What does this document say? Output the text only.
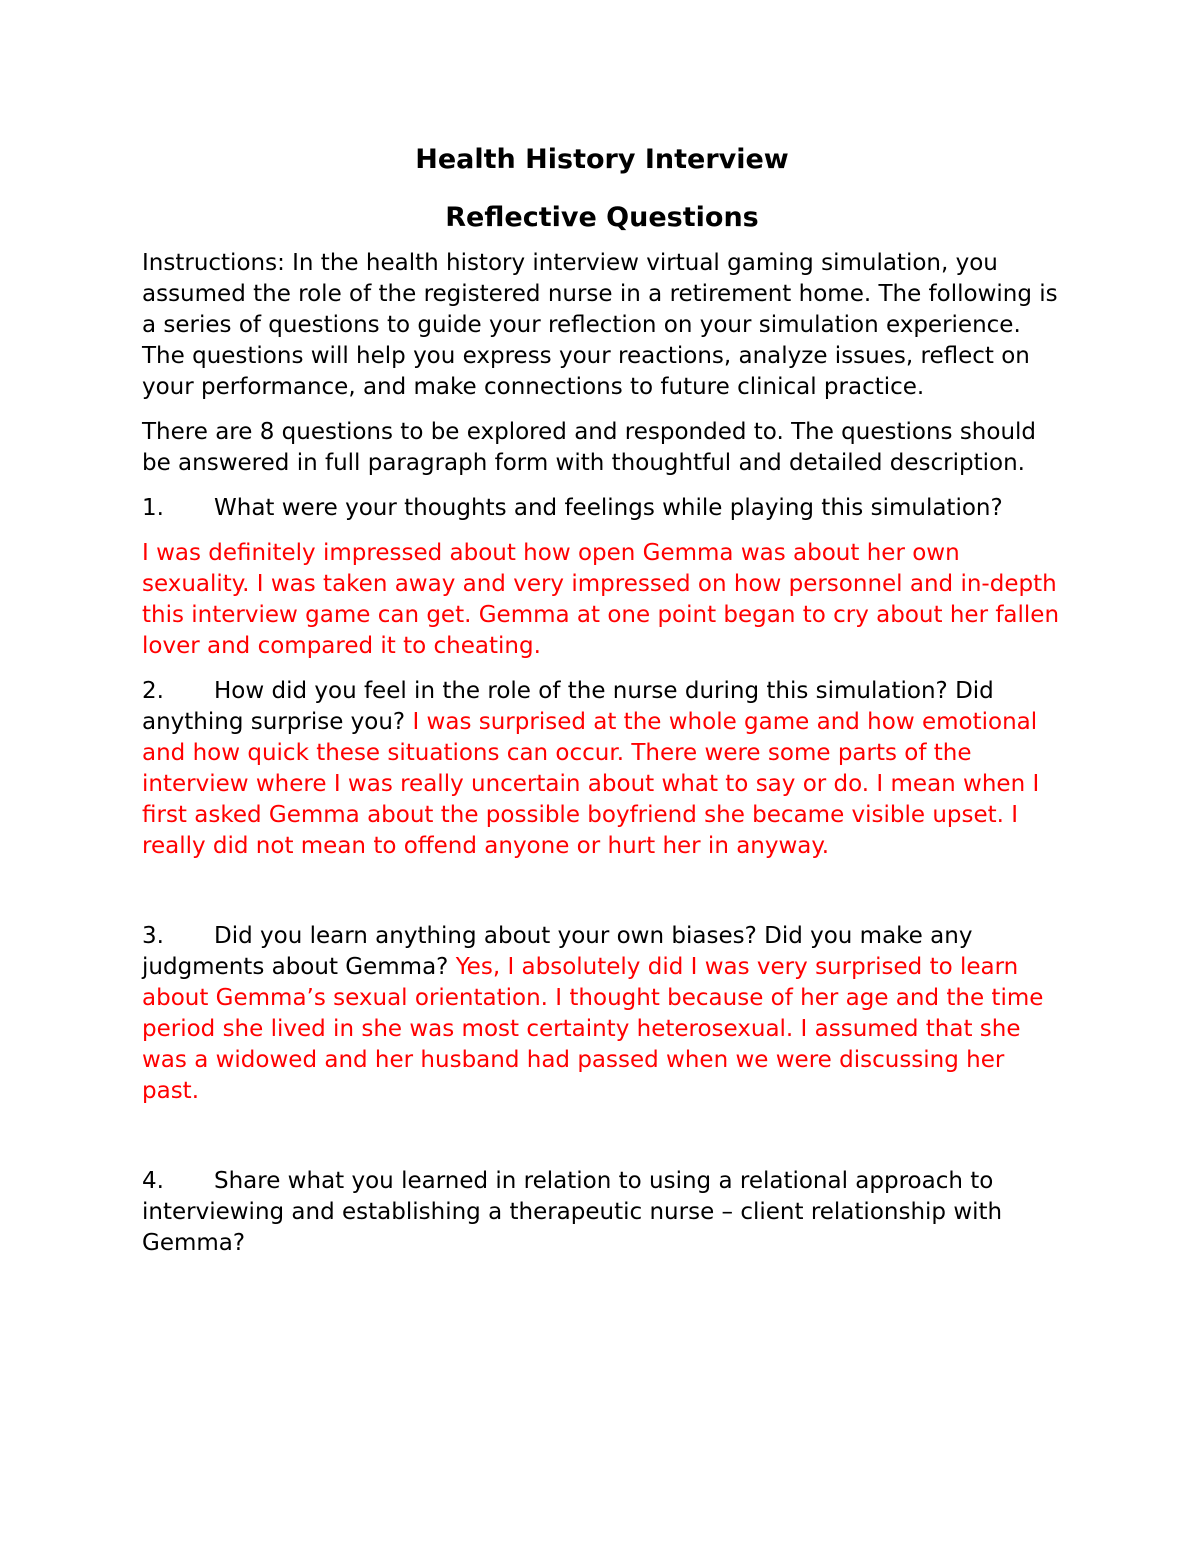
Health History Interview
Reflective Questions

Instructions: In the health history interview virtual gaming simulation, you assumed the role of the registered nurse in a retirement home. The following is a series of questions to guide your reflection on your simulation experience. The questions will help you express your reactions, analyze issues, reflect on your performance, and make connections to future clinical practice.

There are 8 questions to be explored and responded to. The questions should be answered in full paragraph form with thoughtful and detailed description.

1. What were your thoughts and feelings while playing this simulation?

I was definitely impressed about how open Gemma was about her own sexuality. I was taken away and very impressed on how personnel and in-depth this interview game can get. Gemma at one point began to cry about her fallen lover and compared it to cheating.

2. How did you feel in the role of the nurse during this simulation? Did anything surprise you? I was surprised at the whole game and how emotional and how quick these situations can occur. There were some parts of the interview where I was really uncertain about what to say or do. I mean when I first asked Gemma about the possible boyfriend she became visible upset. I really did not mean to offend anyone or hurt her in anyway.

3. Did you learn anything about your own biases? Did you make any judgments about Gemma? Yes, I absolutely did I was very surprised to learn about Gemma’s sexual orientation. I thought because of her age and the time period she lived in she was most certainty heterosexual. I assumed that she was a widowed and her husband had passed when we were discussing her past.

4. Share what you learned in relation to using a relational approach to interviewing and establishing a therapeutic nurse – client relationship with Gemma?
